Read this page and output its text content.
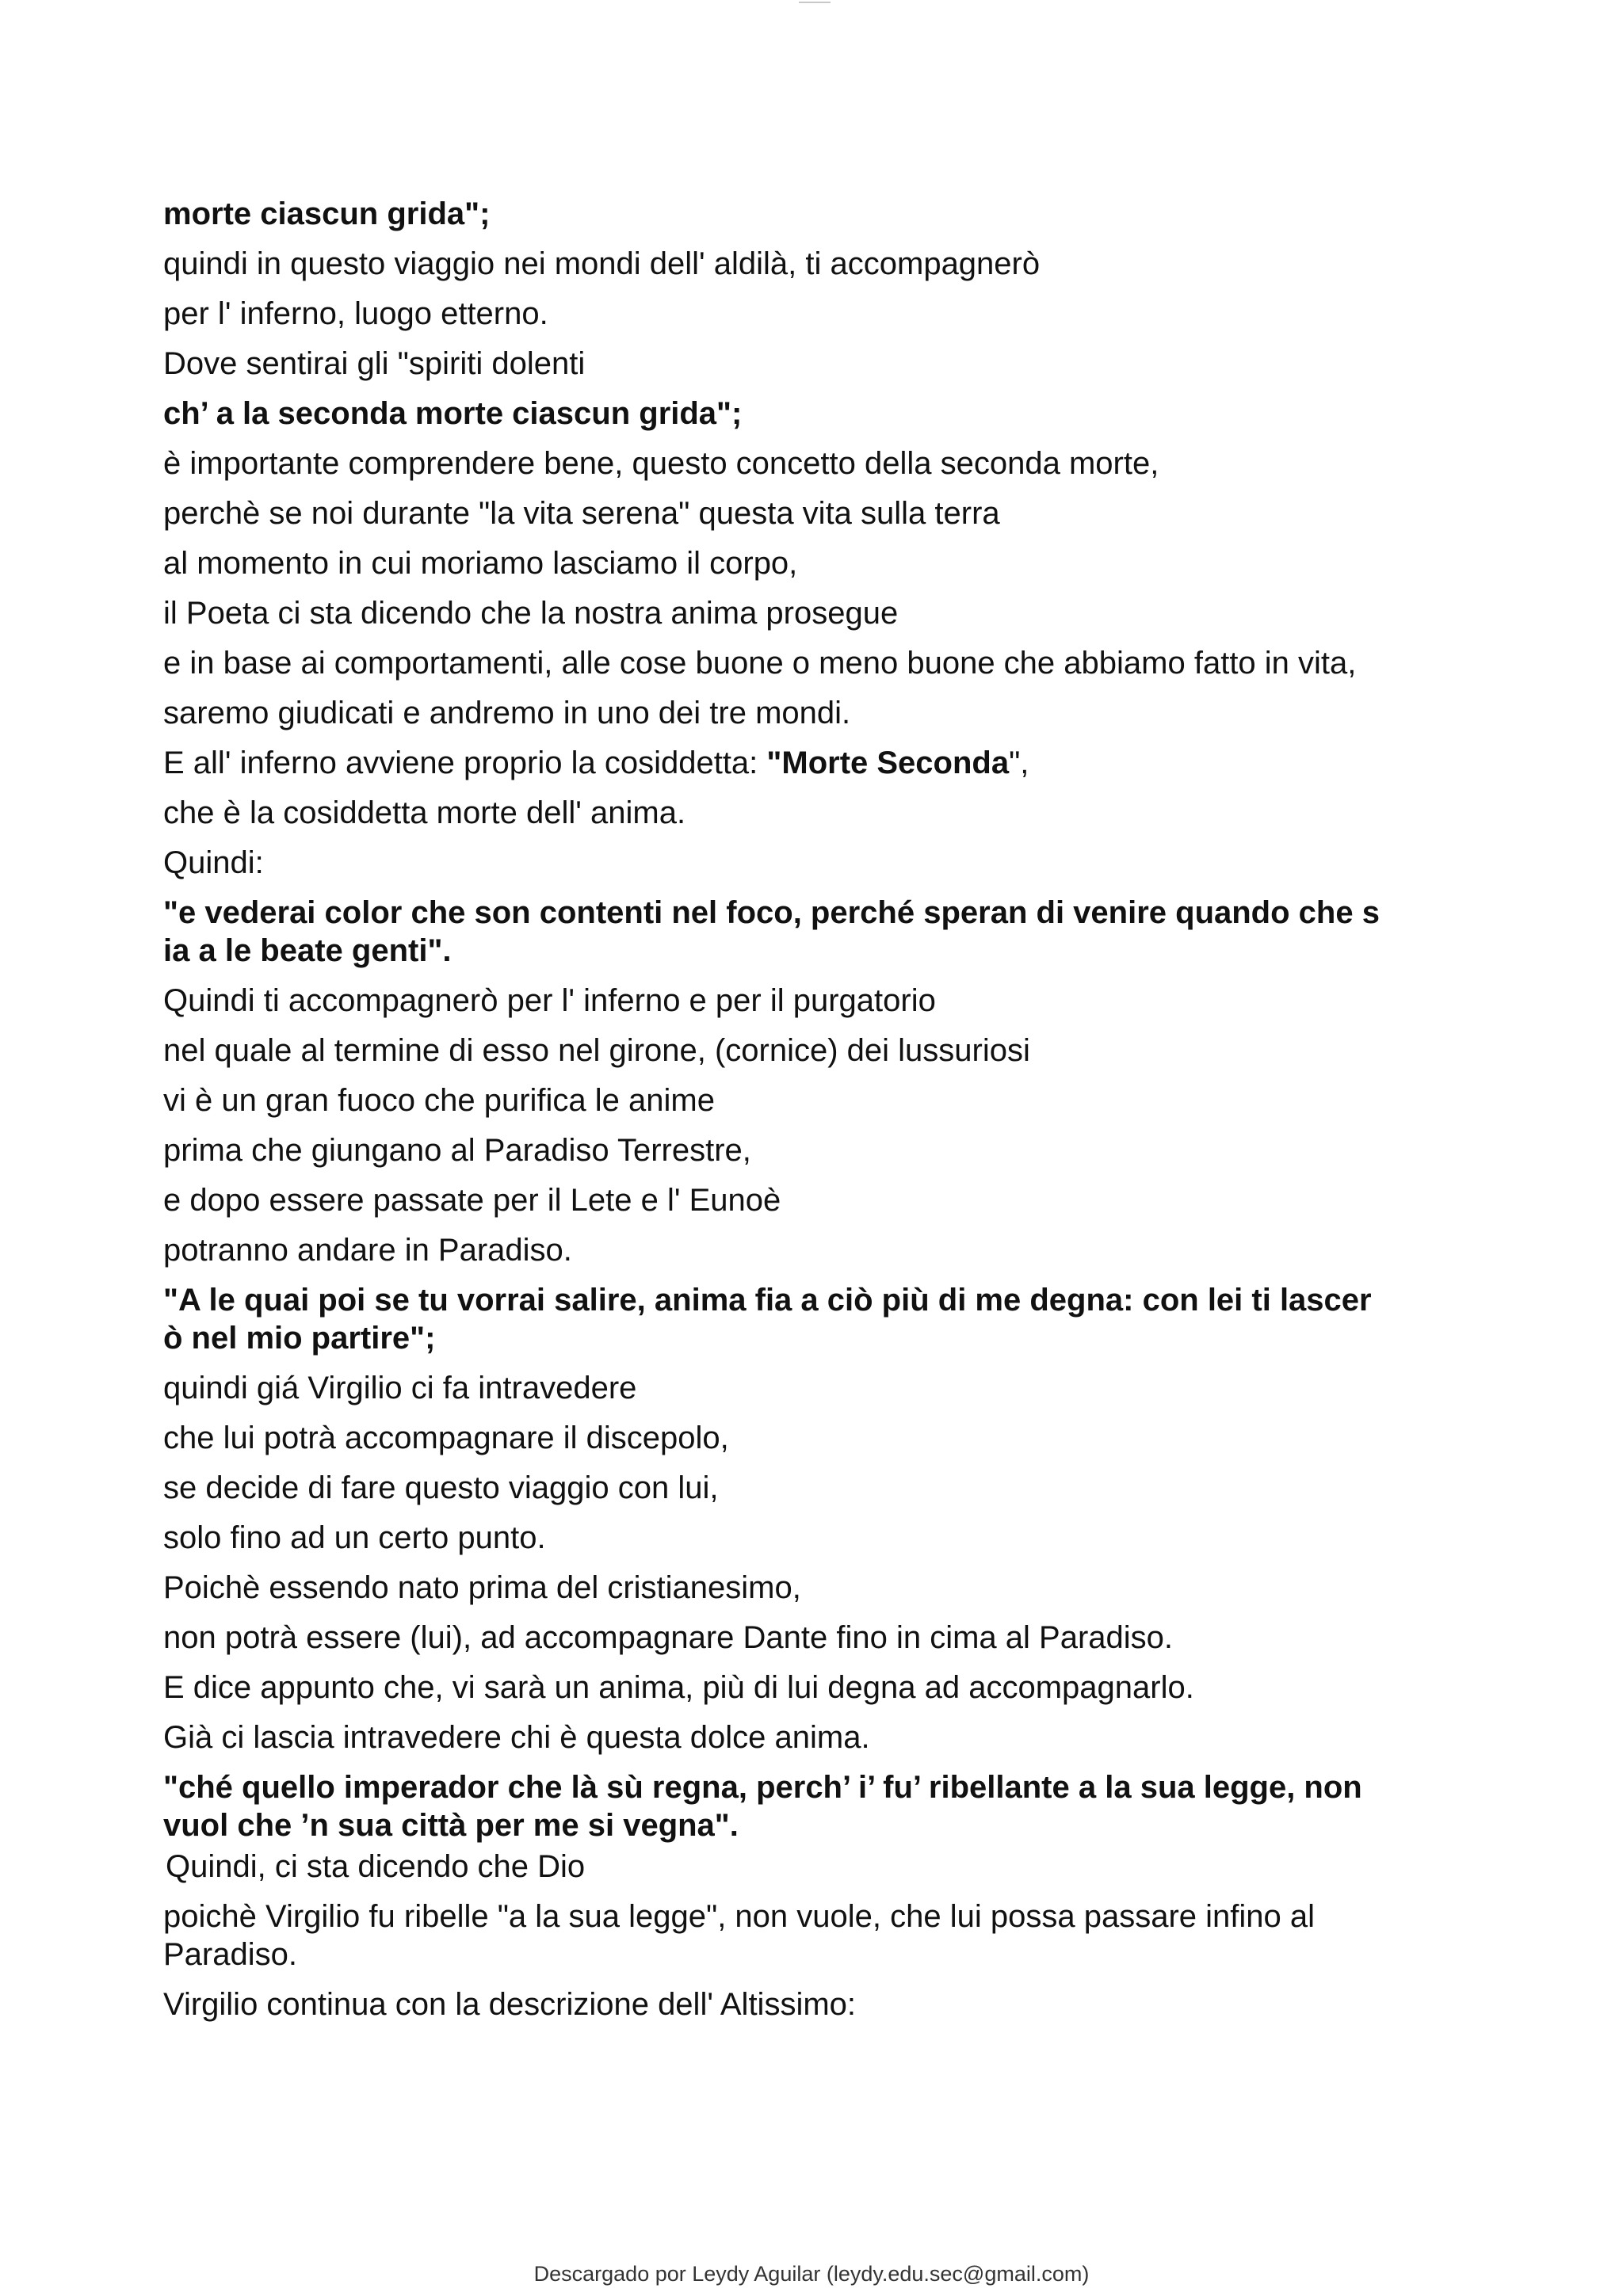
morte ciascun grida";
quindi in questo viaggio nei mondi dell' aldilà, ti accompagnerò
per l' inferno, luogo etterno.
Dove sentirai gli "spiriti dolenti
ch’ a la seconda morte ciascun grida";
è importante comprendere bene, questo concetto della seconda morte,
perchè se noi durante "la vita serena" questa vita sulla terra
al momento in cui moriamo lasciamo il corpo,
il Poeta ci sta dicendo che la nostra anima prosegue
e in base ai comportamenti, alle cose buone o meno buone che abbiamo fatto in vita,
saremo giudicati e andremo in uno dei tre mondi.
E all' inferno avviene proprio la cosiddetta: "Morte Seconda",
che è la cosiddetta morte dell' anima.
Quindi:
"e vederai color che son contenti nel foco, perché speran di venire quando che sia a le beate genti".
Quindi ti accompagnerò per l' inferno e per il purgatorio
nel quale al termine di esso nel girone, (cornice) dei lussuriosi
vi è un gran fuoco che purifica le anime
prima che giungano al Paradiso Terrestre,
e dopo essere passate per il Lete e l' Eunoè
potranno andare in Paradiso.
"A le quai poi se tu vorrai salire, anima fia a ciò più di me degna: con lei ti lascerò nel mio partire";
quindi giá Virgilio ci fa intravedere
che lui potrà accompagnare il discepolo,
se decide di fare questo viaggio con lui,
solo fino ad un certo punto.
Poichè essendo nato prima del cristianesimo,
non potrà essere (lui), ad accompagnare Dante fino in cima al Paradiso.
E dice appunto che, vi sarà un anima, più di lui degna ad accompagnarlo.
Già ci lascia intravedere chi è questa dolce anima.
"ché quello imperador che là sù regna, perch’ i’ fu’ ribellante a la sua legge, non vuol che ’n sua città per me si vegna".
Quindi, ci sta dicendo che Dio
poichè Virgilio fu ribelle "a la sua legge", non vuole, che lui possa passare infino al Paradiso.
Virgilio continua con la descrizione dell' Altissimo:
Descargado por Leydy Aguilar (leydy.edu.sec@gmail.com)
